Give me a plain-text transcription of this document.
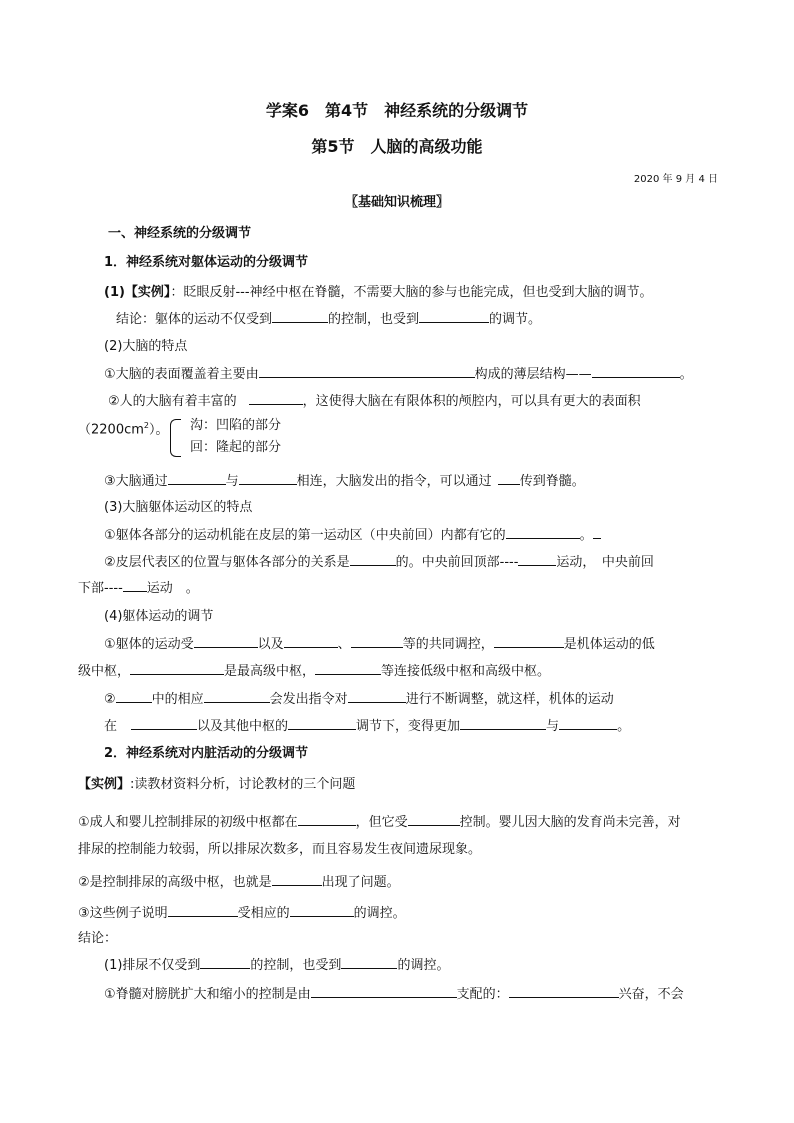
学案6　第4节　神经系统的分级调节
第5节　人脑的高级功能
2020 年 9 月 4 日
〖基础知识梳理〗
一、神经系统的分级调节
1．神经系统对躯体运动的分级调节
(1)【实例】：眨眼反射---神经中枢在脊髓，不需要大脑的参与也能完成，但也受到大脑的调节。
结论：躯体的运动不仅受到	的控制，也受到	的调节。
(2)大脑的特点
①大脑的表面覆盖着主要由	构成的薄层结构——	。
②人的大脑有着丰富的	，这使得大脑在有限体积的颅腔内，可以具有更大的表面积
$(2200cm^2)$。 沟：凹陷的部分
回：隆起的部分
③大脑通过	与	相连，大脑发出的指令，可以通过 传到脊髓。
(3)大脑躯体运动区的特点
①躯体各部分的运动机能在皮层的第一运动区（中央前回）内都有它的	。
②皮层代表区的位置与躯体各部分的关系是	的。中央前回顶部----	运动，　中央前回
下部---- 运动　。
(4)躯体运动的调节
①躯体的运动受	以及	、	等的共同调控，	是机体运动的低
级中枢，	是最高级中枢，	等连接低级中枢和高级中枢。
②	中的相应	会发出指令对	进行不断调整，就这样，机体的运动
在	以及其他中枢的	调节下，变得更加	与	。
2．神经系统对内脏活动的分级调节
【实例】:读教材资料分析，讨论教材的三个问题
①成人和婴儿控制排尿的初级中枢都在	，但它受	控制。婴儿因大脑的发育尚未完善，对
排尿的控制能力较弱，所以排尿次数多，而且容易发生夜间遗尿现象。
②是控制排尿的高级中枢，也就是	出现了问题。
③这些例子说明	受相应的	的调控。
结论：
(1)排尿不仅受到	的控制，也受到	的调控。
①脊髓对膀胱扩大和缩小的控制是由	支配的：	兴奋，不会
